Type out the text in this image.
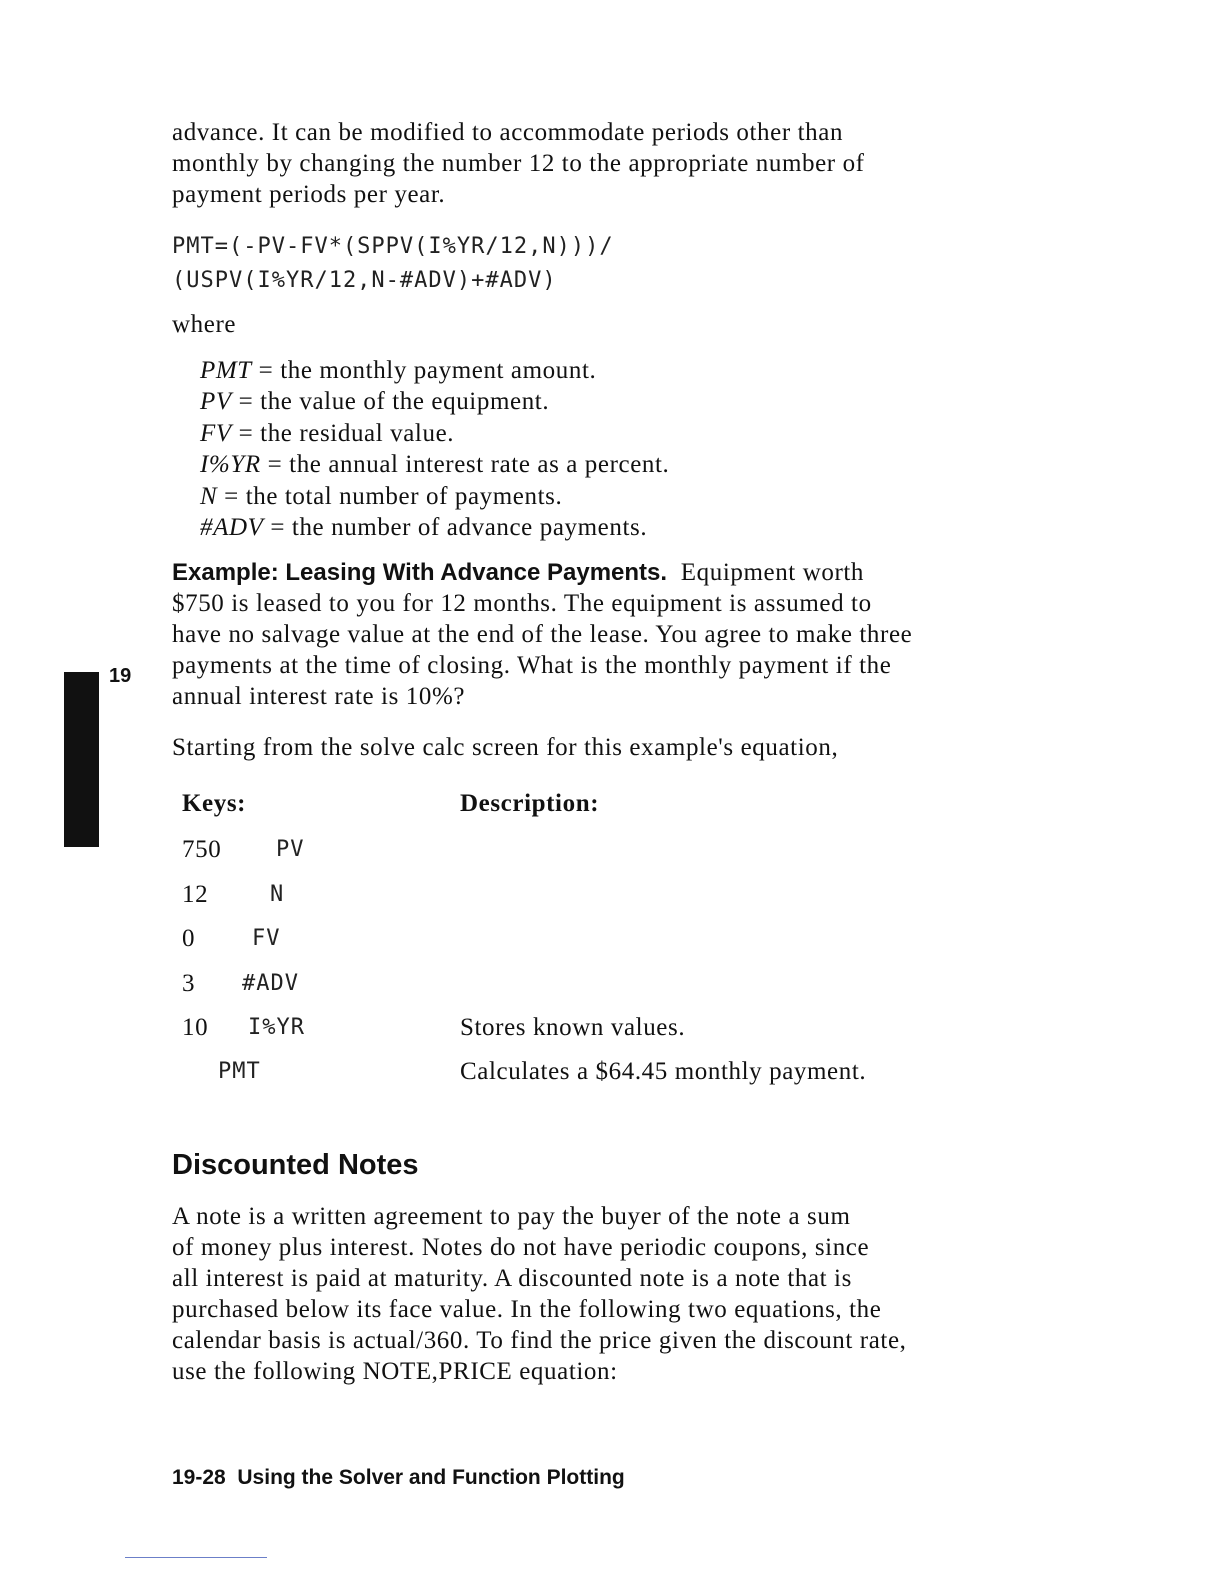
19
advance. It can be modified to accommodate periods other than
monthly by changing the number 12 to the appropriate number of
payment periods per year.
PMT=(-PV-FV*(SPPV(I%YR/12,N)))/
(USPV(I%YR/12,N-#ADV)+#ADV)
where
PMT = the monthly payment amount.
PV = the value of the equipment.
FV = the residual value.
I%YR = the annual interest rate as a percent.
N = the total number of payments.
#ADV = the number of advance payments.
Example: Leasing With Advance Payments. Equipment worth
$750 is leased to you for 12 months. The equipment is assumed to
have no salvage value at the end of the lease. You agree to make three
payments at the time of closing. What is the monthly payment if the
annual interest rate is 10%?
Starting from the solve calc screen for this example's equation,
Keys:	Description:
750 PV
12	N
0	FV
3 #ADV
10 I%YR	Stores known values.
PMT	Calculates a $64.45 monthly payment.
Discounted Notes
A note is a written agreement to pay the buyer of the note a sum
of money plus interest. Notes do not have periodic coupons, since
all interest is paid at maturity. A discounted note is a note that is
purchased below its face value. In the following two equations, the
calendar basis is actual/360. To find the price given the discount rate,
use the following NOTE,PRICE equation:
19-28 Using the Solver and Function Plotting
